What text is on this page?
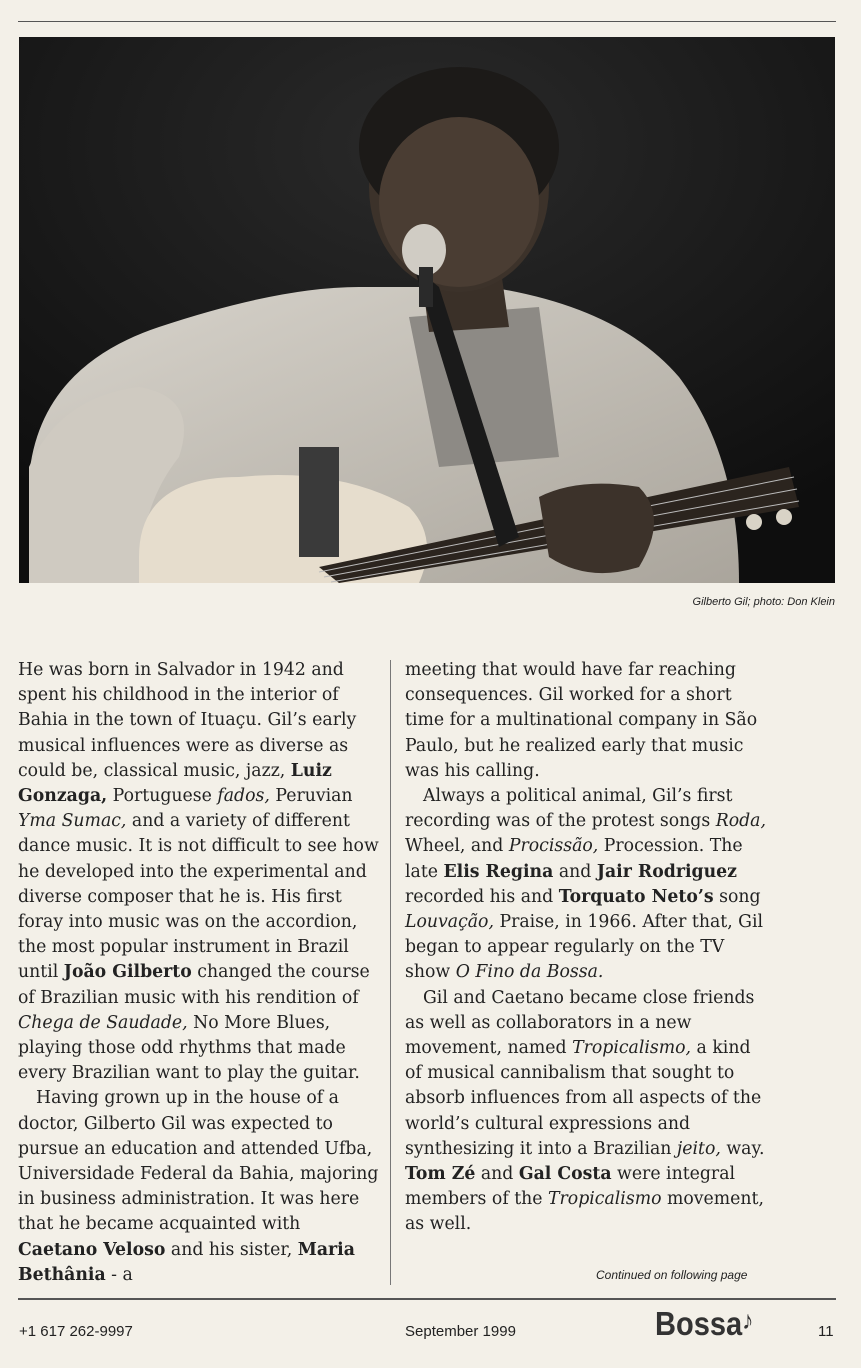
Gilberto Gil; photo: Don Klein

He was born in Salvador in 1942 and spent his childhood in the interior of Bahia in the town of Ituaçu. Gil’s early musical influences were as diverse as could be, classical music, jazz, Luiz Gonzaga, Portuguese fados, Peruvian Yma Sumac, and a variety of different dance music. It is not difficult to see how he developed into the experimental and diverse composer that he is. His first foray into music was on the accordion, the most popular instrument in Brazil until João Gilberto changed the course of Brazilian music with his rendition of Chega de Saudade, No More Blues, playing those odd rhythms that made every Brazilian want to play the guitar.

Having grown up in the house of a doctor, Gilberto Gil was expected to pursue an education and attended Ufba, Universidade Federal da Bahia, majoring in business administration. It was here that he became acquainted with Caetano Veloso and his sister, Maria Bethânia - a

meeting that would have far reaching consequences. Gil worked for a short time for a multinational company in São Paulo, but he realized early that music was his calling.

Always a political animal, Gil’s first recording was of the protest songs Roda, Wheel, and Procissão, Procession. The late Elis Regina and Jair Rodriguez recorded his and Torquato Neto’s song Louvação, Praise, in 1966. After that, Gil began to appear regularly on the TV show O Fino da Bossa.

Gil and Caetano became close friends as well as collaborators in a new movement, named Tropicalismo, a kind of musical cannibalism that sought to absorb influences from all aspects of the world’s cultural expressions and synthesizing it into a Brazilian jeito, way. Tom Zé and Gal Costa were integral members of the Tropicalismo movement, as well.

Continued on following page
+1 617 262-9997	September 1999	Bossa♪	11
